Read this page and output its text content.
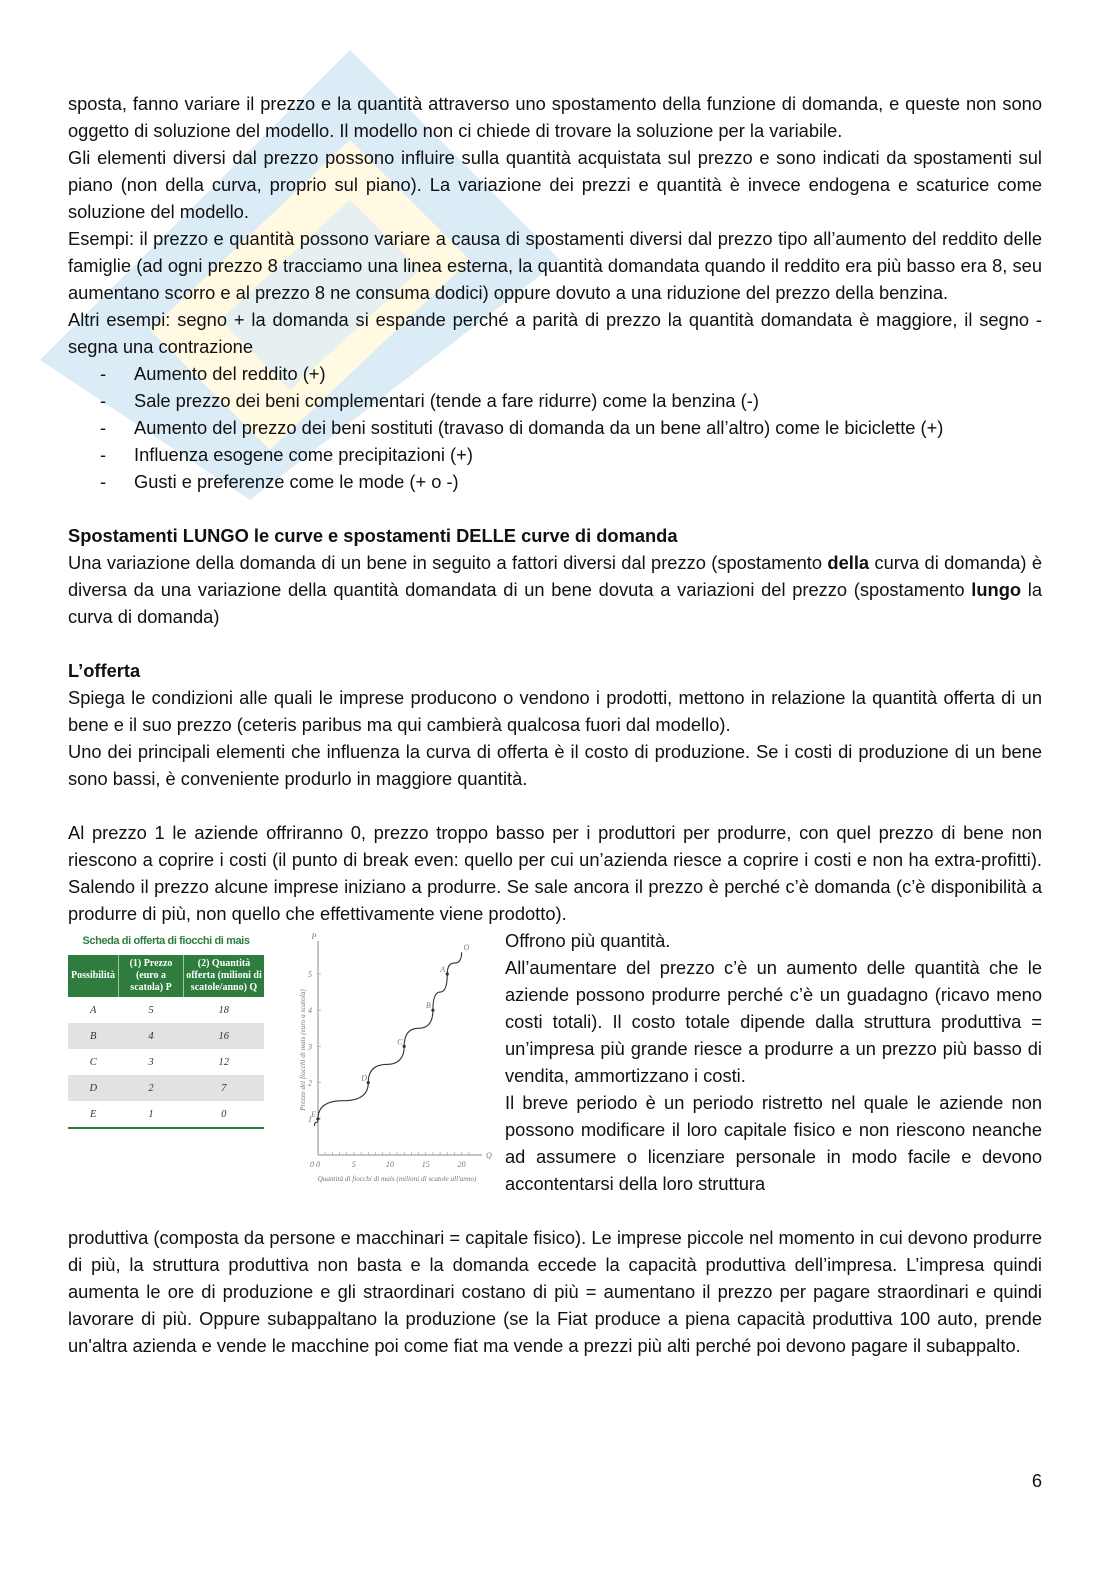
sposta, fanno variare il prezzo e la quantità attraverso uno spostamento della funzione di domanda, e queste non sono oggetto di soluzione del modello. Il modello non ci chiede di trovare la soluzione per la variabile.

Gli elementi diversi dal prezzo possono influire sulla quantità acquistata sul prezzo e sono indicati da spostamenti sul piano (non della curva, proprio sul piano). La variazione dei prezzi e quantità è invece endogena e scaturice come soluzione del modello.

Esempi: il prezzo e quantità possono variare a causa di spostamenti diversi dal prezzo tipo all’aumento del reddito delle famiglie (ad ogni prezzo 8 tracciamo una linea esterna, la quantità domandata quando il reddito era più basso era 8, seu aumentano scorro e al prezzo 8 ne consuma dodici) oppure dovuto a una riduzione del prezzo della benzina.

Altri esempi: segno + la domanda si espande perché a parità di prezzo la quantità domandata è maggiore, il segno - segna una contrazione

- Aumento del reddito (+)
- Sale prezzo dei beni complementari (tende a fare ridurre) come la benzina (-)
- Aumento del prezzo dei beni sostituti (travaso di domanda da un bene all’altro) come le biciclette (+)
- Influenza esogene come precipitazioni (+)
- Gusti e preferenze come le mode (+ o -)
Spostamenti LUNGO le curve e spostamenti DELLE curve di domanda

Una variazione della domanda di un bene in seguito a fattori diversi dal prezzo (spostamento della curva di domanda) è diversa da una variazione della quantità domandata di un bene dovuta a variazioni del prezzo (spostamento lungo la curva di domanda)

L’offerta

Spiega le condizioni alle quali le imprese producono o vendono i prodotti, mettono in relazione la quantità offerta di un bene e il suo prezzo (ceteris paribus ma qui cambierà qualcosa fuori dal modello).

Uno dei principali elementi che influenza la curva di offerta è il costo di produzione. Se i costi di produzione di un bene sono bassi, è conveniente produrlo in maggiore quantità.

Al prezzo 1 le aziende offriranno 0, prezzo troppo basso per i produttori per produrre, con quel prezzo di bene non riescono a coprire i costi (il punto di break even: quello per cui un’azienda riesce a coprire i costi e non ha extra-profitti). Salendo il prezzo alcune imprese iniziano a produrre. Se sale ancora il prezzo è perché c’è domanda (c’è disponibilità a produrre di più, non quello che effettivamente viene prodotto).

Scheda di offerta di fiocchi di mais
Possibilità	(1) Prezzo (euro a scatola) P	(2) Quantità offerta (milioni di scatole/anno) Q
A	5	18
B	4	16
C	3	12
D	2	7
E	1	0
P
Q
0	5	10	15	20
0
1
2
3
4
5
Quantità di fiocchi di mais (milioni di scatole all'anno)
Prezzo dei fiocchi di mais (euro a scatola)
E
D
C
B
A
O Offrono più quantità.

All’aumentare del prezzo c’è un aumento delle quantità che le aziende possono produrre perché c’è un guadagno (ricavo meno costi totali). Il costo totale dipende dalla struttura produttiva = un’impresa più grande riesce a produrre a un prezzo più basso di vendita, ammortizzano i costi.

Il breve periodo è un periodo ristretto nel quale le aziende non possono modificare il loro capitale fisico e non riescono neanche ad assumere o licenziare personale in modo facile e devono accontentarsi della loro struttura

produttiva (composta da persone e macchinari = capitale fisico). Le imprese piccole nel momento in cui devono produrre di più, la struttura produttiva non basta e la domanda eccede la capacità produttiva dell’impresa. L’impresa quindi aumenta le ore di produzione e gli straordinari costano di più = aumentano il prezzo per pagare straordinari e quindi lavorare di più. Oppure subappaltano la produzione (se la Fiat produce a piena capacità produttiva 100 auto, prende un'altra azienda e vende le macchine poi come fiat ma vende a prezzi più alti perché poi devono pagare il subappalto.

6
